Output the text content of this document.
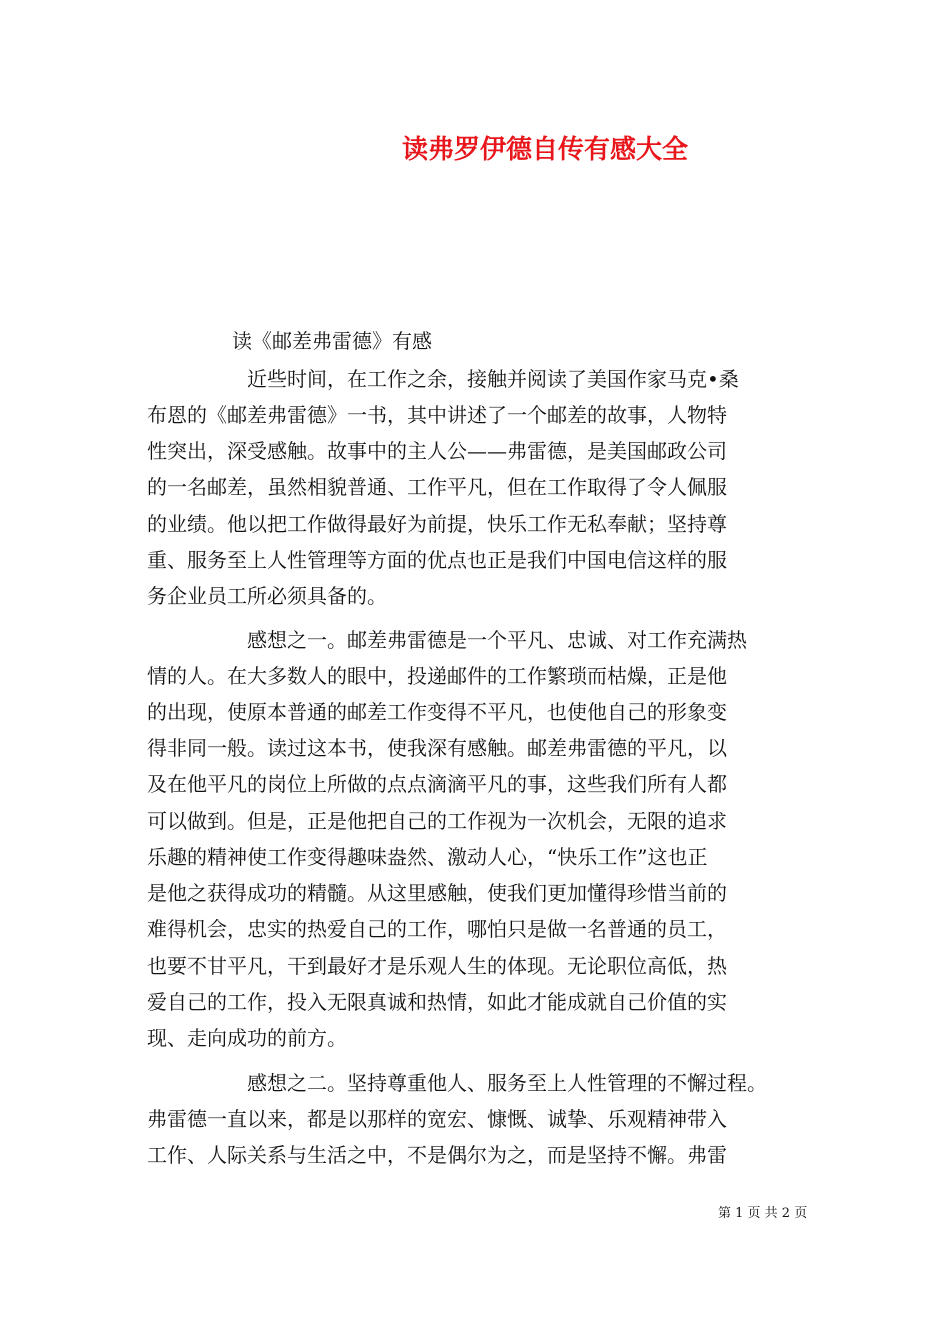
读弗罗伊德自传有感大全
读《邮差弗雷德》有感
近些时间，在工作之余，接触并阅读了美国作家马克•桑
布恩的《邮差弗雷德》一书，其中讲述了一个邮差的故事，人物特
性突出，深受感触。故事中的主人公——弗雷德，是美国邮政公司
的一名邮差，虽然相貌普通、工作平凡，但在工作取得了令人佩服
的业绩。他以把工作做得最好为前提，快乐工作无私奉献；坚持尊
重、服务至上人性管理等方面的优点也正是我们中国电信这样的服
务企业员工所必须具备的。
感想之一。邮差弗雷德是一个平凡、忠诚、对工作充满热
情的人。在大多数人的眼中，投递邮件的工作繁琐而枯燥，正是他
的出现，使原本普通的邮差工作变得不平凡，也使他自己的形象变
得非同一般。读过这本书，使我深有感触。邮差弗雷德的平凡，以
及在他平凡的岗位上所做的点点滴滴平凡的事，这些我们所有人都
可以做到。但是，正是他把自己的工作视为一次机会，无限的追求
乐趣的精神使工作变得趣味盎然、激动人心，“快乐工作”这也正
是他之获得成功的精髓。从这里感触，使我们更加懂得珍惜当前的
难得机会，忠实的热爱自己的工作，哪怕只是做一名普通的员工，
也要不甘平凡，干到最好才是乐观人生的体现。无论职位高低，热
爱自己的工作，投入无限真诚和热情，如此才能成就自己价值的实
现、走向成功的前方。
感想之二。坚持尊重他人、服务至上人性管理的不懈过程。
弗雷德一直以来，都是以那样的宽宏、慷慨、诚挚、乐观精神带入
工作、人际关系与生活之中，不是偶尔为之，而是坚持不懈。弗雷
第 1 页 共 2 页
